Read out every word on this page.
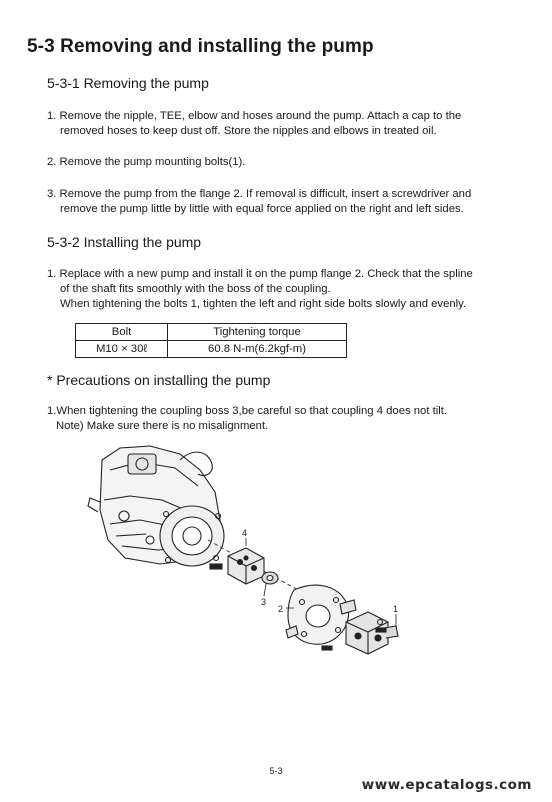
5-3 Removing and installing the pump
5-3-1 Removing the pump
1. Remove the nipple, TEE, elbow and hoses around the pump. Attach a cap to the

removed hoses to keep dust off. Store the nipples and elbows in treated oil.
2. Remove the pump mounting bolts(1).
3. Remove the pump from the flange 2. If removal is difficult, insert a screwdriver and

remove the pump little by little with equal force applied on the right and left sides.
5-3-2 Installing the pump
1. Replace with a new pump and install it on the pump flange 2. Check that the spline

of the shaft fits smoothly with the boss of the coupling.
When tightening the bolts 1, tighten the left and right side bolts slowly and evenly.
Bolt	Tightening torque
M10 × 30ℓ	60.8 N-m(6.2kgf-m)
* Precautions on installing the pump
1.When tightening the coupling boss 3,be careful so that coupling 4 does not tilt.
Note) Make sure there is no misalignment.
4
3
2	1
5-3
www.epcatalogs.com
